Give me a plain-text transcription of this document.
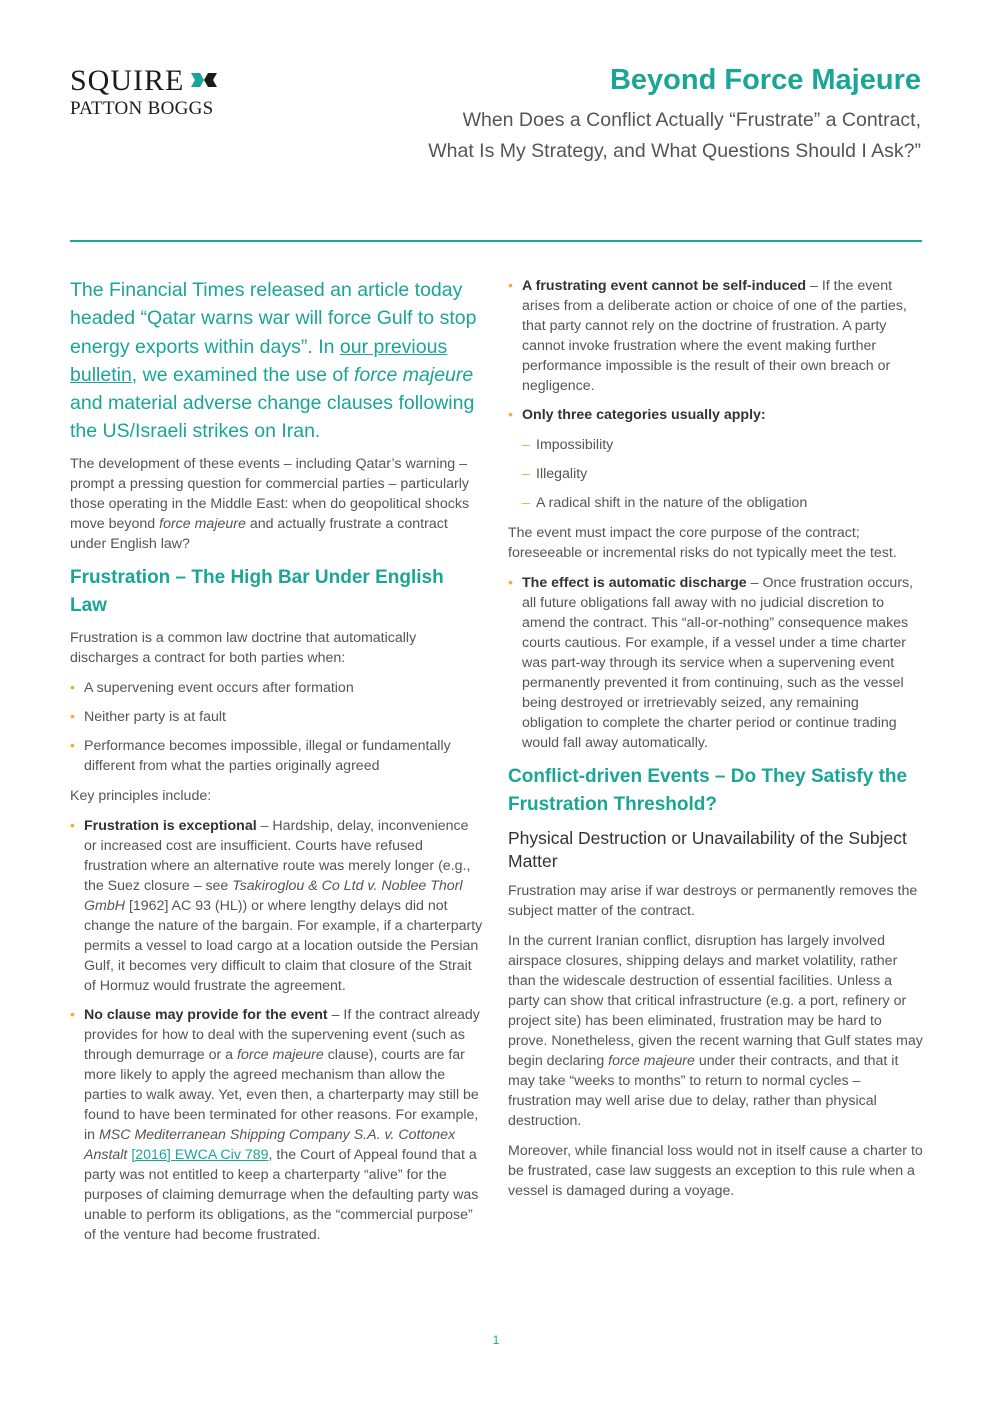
SQUIRE
PATTON BOGGS
Beyond Force Majeure
When Does a Conflict Actually “Frustrate” a Contract,
What Is My Strategy, and What Questions Should I Ask?”

The Financial Times released an article today headed “Qatar warns war will force Gulf to stop energy exports within days”. In our previous bulletin, we examined the use of force majeure and material adverse change clauses following the US/Israeli strikes on Iran.

The development of these events – including Qatar’s warning – prompt a pressing question for commercial parties – particularly those operating in the Middle East: when do geopolitical shocks move beyond force majeure and actually frustrate a contract under English law?

Frustration – The High Bar Under English Law

Frustration is a common law doctrine that automatically discharges a contract for both parties when:

• A supervening event occurs after formation
• Neither party is at fault
• Performance becomes impossible, illegal or fundamentally different from what the parties originally agreed

Key principles include:

• Frustration is exceptional – Hardship, delay, inconvenience or increased cost are insufficient. Courts have refused frustration where an alternative route was merely longer (e.g., the Suez closure – see Tsakiroglou & Co Ltd v. Noblee Thorl GmbH [1962] AC 93 (HL)) or where lengthy delays did not change the nature of the bargain. For example, if a charterparty permits a vessel to load cargo at a location outside the Persian Gulf, it becomes very difficult to claim that closure of the Strait of Hormuz would frustrate the agreement.
• No clause may provide for the event – If the contract already provides for how to deal with the supervening event (such as through demurrage or a force majeure clause), courts are far more likely to apply the agreed mechanism than allow the parties to walk away. Yet, even then, a charterparty may still be found to have been terminated for other reasons. For example, in MSC Mediterranean Shipping Company S.A. v. Cottonex Anstalt [2016] EWCA Civ 789, the Court of Appeal found that a party was not entitled to keep a charterparty “alive” for the purposes of claiming demurrage when the defaulting party was unable to perform its obligations, as the “commercial purpose” of the venture had become frustrated.
• A frustrating event cannot be self-induced – If the event arises from a deliberate action or choice of one of the parties, that party cannot rely on the doctrine of frustration. A party cannot invoke frustration where the event making further performance impossible is the result of their own breach or negligence.
• Only three categories usually apply:
– Impossibility
– Illegality
– A radical shift in the nature of the obligation

The event must impact the core purpose of the contract; foreseeable or incremental risks do not typically meet the test.

• The effect is automatic discharge – Once frustration occurs, all future obligations fall away with no judicial discretion to amend the contract. This “all-or-nothing” consequence makes courts cautious. For example, if a vessel under a time charter was part-way through its service when a supervening event permanently prevented it from continuing, such as the vessel being destroyed or irretrievably seized, any remaining obligation to complete the charter period or continue trading would fall away automatically.
Conflict-driven Events – Do They Satisfy the Frustration Threshold?
Physical Destruction or Unavailability of the Subject Matter

Frustration may arise if war destroys or permanently removes the subject matter of the contract.

In the current Iranian conflict, disruption has largely involved airspace closures, shipping delays and market volatility, rather than the widescale destruction of essential facilities. Unless a party can show that critical infrastructure (e.g. a port, refinery or project site) has been eliminated, frustration may be hard to prove. Nonetheless, given the recent warning that Gulf states may begin declaring force majeure under their contracts, and that it may take “weeks to months” to return to normal cycles – frustration may well arise due to delay, rather than physical destruction.

Moreover, while financial loss would not in itself cause a charter to be frustrated, case law suggests an exception to this rule when a vessel is damaged during a voyage.

1
